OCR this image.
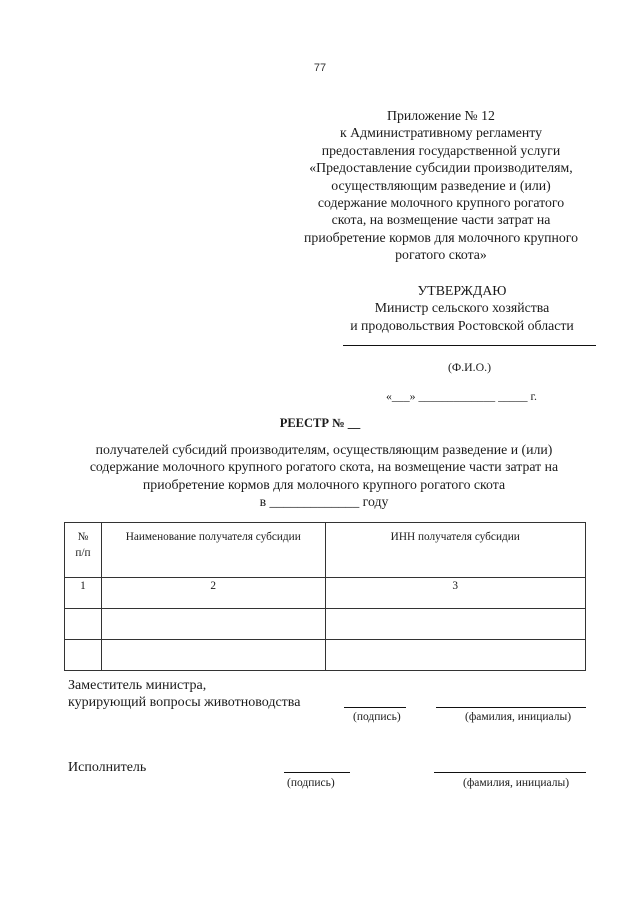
77
Приложение № 12
к Административному регламенту
предоставления государственной услуги
«Предоставление субсидии производителям,
осуществляющим разведение и (или)
содержание молочного крупного рогатого
скота, на возмещение части затрат на
приобретение кормов для молочного крупного
рогатого скота»
УТВЕРЖДАЮ
Министр сельского хозяйства
и продовольствия Ростовской области
(Ф.И.О.)
«___» _____________ _____ г.
РЕЕСТР № __
получателей субсидий производителям, осуществляющим разведение и (или)
содержание молочного крупного рогатого скота, на возмещение части затрат на
приобретение кормов для молочного крупного рогатого скота
в _____________ году
№
п/п	Наименование получателя субсидии	ИНН получателя субсидии
1	2	3

Заместитель министра,
курирующий вопросы животноводства
(подпись)	(фамилия, инициалы)
Исполнитель
(подпись)	(фамилия, инициалы)
